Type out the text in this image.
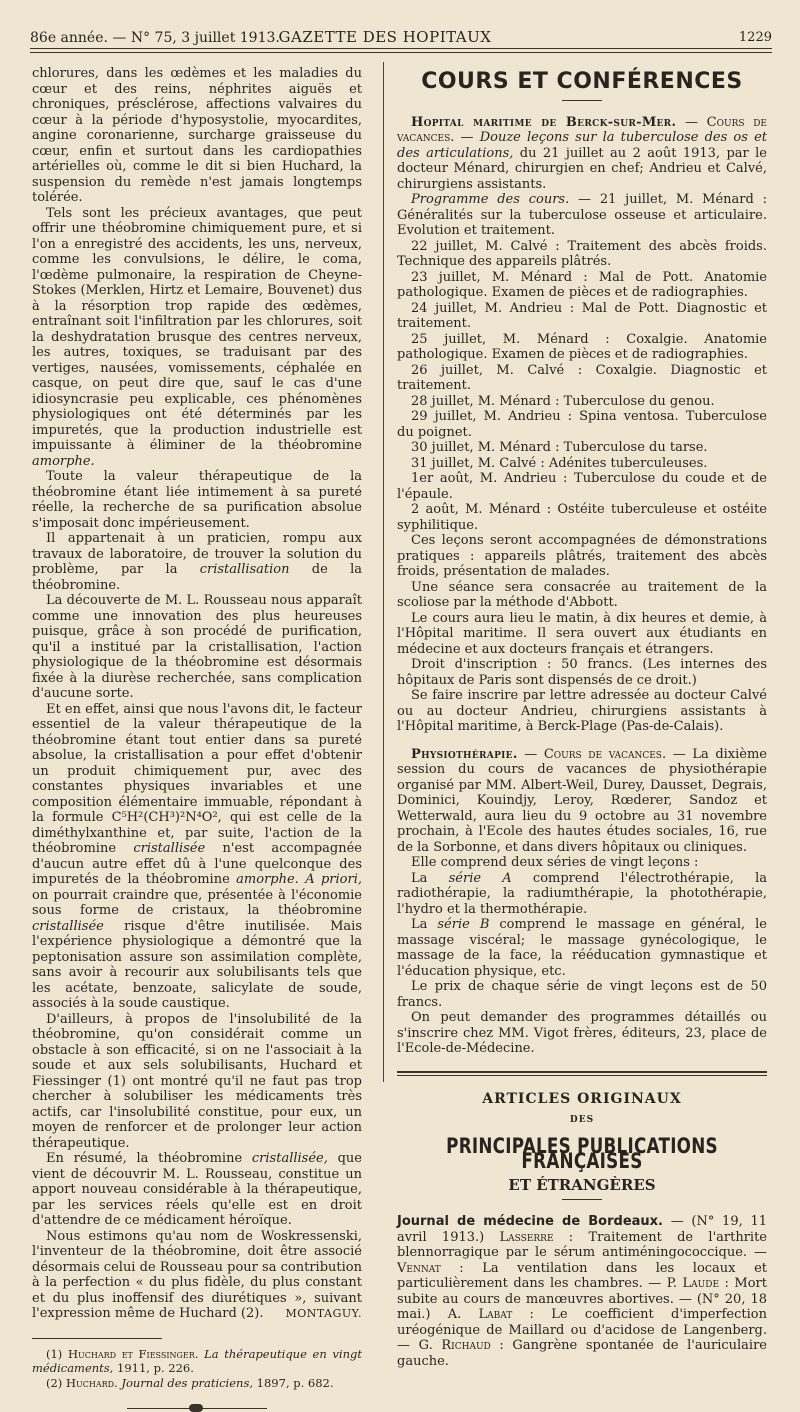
86e année. — N° 75, 3 juillet 1913.
GAZETTE DES HOPITAUX	1229

chlorures, dans les œdèmes et les maladies du cœur et des reins, néphrites aiguës et chroniques, présclérose, affections valvaires du cœur à la période d'hyposystolie, myocardites, angine coronarienne, surcharge graisseuse du cœur, enfin et surtout dans les cardiopathies artérielles où, comme le dit si bien Huchard, la suspension du remède n'est jamais longtemps tolérée.

Tels sont les précieux avantages, que peut offrir une théobromine chimiquement pure, et si l'on a enregistré des accidents, les uns, nerveux, comme les convulsions, le délire, le coma, l'œdème pulmonaire, la respiration de Cheyne-Stokes (Merklen, Hirtz et Lemaire, Bouvenet) dus à la résorption trop rapide des œdèmes, entraînant soit l'infiltration par les chlorures, soit la deshydratation brusque des centres nerveux, les autres, toxiques, se traduisant par des vertiges, nausées, vomissements, céphalée en casque, on peut dire que, sauf le cas d'une idiosyncrasie peu explicable, ces phénomènes physiologiques ont été déterminés par les impuretés, que la production industrielle est impuissante à éliminer de la théobromine amorphe.

Toute la valeur thérapeutique de la théobromine étant liée intimement à sa pureté réelle, la recherche de sa purification absolue s'imposait donc impérieusement.

Il appartenait à un praticien, rompu aux travaux de laboratoire, de trouver la solution du problème, par la cristallisation de la théobromine.

La découverte de M. L. Rousseau nous apparaît comme une innovation des plus heureuses puisque, grâce à son procédé de purification, qu'il a institué par la cristallisation, l'action physiologique de la théobromine est désormais fixée à la diurèse recherchée, sans complication d'aucune sorte.

Et en effet, ainsi que nous l'avons dit, le facteur essentiel de la valeur thérapeutique de la théobromine étant tout entier dans sa pureté absolue, la cristallisation a pour effet d'obtenir un produit chimiquement pur, avec des constantes physiques invariables et une composition élémentaire immuable, répondant à la formule C⁵H²(CH³)²N⁴O², qui est celle de la diméthylxanthine et, par suite, l'action de la théobromine cristallisée n'est accompagnée d'aucun autre effet dû à l'une quelconque des impuretés de la théobromine amorphe. A priori, on pourrait craindre que, présentée à l'économie sous forme de cristaux, la théobromine cristallisée risque d'être inutilisée. Mais l'expérience physiologique a démontré que la peptonisation assure son assimilation complète, sans avoir à recourir aux solubilisants tels que les acétate, benzoate, salicylate de soude, associés à la soude caustique.

D'ailleurs, à propos de l'insolubilité de la théobromine, qu'on considérait comme un obstacle à son efficacité, si on ne l'associait à la soude et aux sels solubilisants, Huchard et Fiessinger (1) ont montré qu'il ne faut pas trop chercher à solubiliser les médicaments très actifs, car l'insolubilité constitue, pour eux, un moyen de renforcer et de prolonger leur action thérapeutique.

En résumé, la théobromine cristallisée, que vient de découvrir M. L. Rousseau, constitue un apport nouveau considérable à la thérapeutique, par les services réels qu'elle est en droit d'attendre de ce médicament héroïque.

Nous estimons qu'au nom de Woskressenski, l'inventeur de la théobromine, doit être associé désormais celui de Rousseau pour sa contribution à la perfection « du plus fidèle, du plus constant et du plus inoffensif des diurétiques », suivant l'expression même de Huchard (2).	MONTAGUY.

(1) Huchard et Fiessinger. La thérapeutique en vingt médicaments, 1911, p. 226.

(2) Huchard. Journal des praticiens, 1897, p. 682.

COURS ET CONFÉRENCES

Hopital maritime de Berck-sur-Mer. — Cours de vacances. — Douze leçons sur la tuberculose des os et des articulations, du 21 juillet au 2 août 1913, par le docteur Ménard, chirurgien en chef; Andrieu et Calvé, chirurgiens assistants.

Programme des cours. — 21 juillet, M. Ménard : Généralités sur la tuberculose osseuse et articulaire. Evolution et traitement.

22 juillet, M. Calvé : Traitement des abcès froids. Technique des appareils plâtrés.

23 juillet, M. Ménard : Mal de Pott. Anatomie pathologique. Examen de pièces et de radiographies.

24 juillet, M. Andrieu : Mal de Pott. Diagnostic et traitement.

25 juillet, M. Ménard : Coxalgie. Anatomie pathologique. Examen de pièces et de radiographies.

26 juillet, M. Calvé : Coxalgie. Diagnostic et traitement.

28 juillet, M. Ménard : Tuberculose du genou.

29 juillet, M. Andrieu : Spina ventosa. Tuberculose du poignet.

30 juillet, M. Ménard : Tuberculose du tarse.

31 juillet, M. Calvé : Adénites tuberculeuses.

1er août, M. Andrieu : Tuberculose du coude et de l'épaule.

2 août, M. Ménard : Ostéite tuberculeuse et ostéite syphilitique.

Ces leçons seront accompagnées de démonstrations pratiques : appareils plâtrés, traitement des abcès froids, présentation de malades.

Une séance sera consacrée au traitement de la scoliose par la méthode d'Abbott.

Le cours aura lieu le matin, à dix heures et demie, à l'Hôpital maritime. Il sera ouvert aux étudiants en médecine et aux docteurs français et étrangers.

Droit d'inscription : 50 francs. (Les internes des hôpitaux de Paris sont dispensés de ce droit.)

Se faire inscrire par lettre adressée au docteur Calvé ou au docteur Andrieu, chirurgiens assistants à l'Hôpital maritime, à Berck-Plage (Pas-de-Calais).

Physiothérapie. — Cours de vacances. — La dixième session du cours de vacances de physiothérapie organisé par MM. Albert-Weil, Durey, Dausset, Degrais, Dominici, Kouindjy, Leroy, Rœderer, Sandoz et Wetterwald, aura lieu du 9 octobre au 31 novembre prochain, à l'Ecole des hautes études sociales, 16, rue de la Sorbonne, et dans divers hôpitaux ou cliniques.

Elle comprend deux séries de vingt leçons :

La série A comprend l'électrothérapie, la radiothérapie, la radiumthérapie, la photothérapie, l'hydro et la thermothérapie.

La série B comprend le massage en général, le massage viscéral; le massage gynécologique, le massage de la face, la rééducation gymnastique et l'éducation physique, etc.

Le prix de chaque série de vingt leçons est de 50 francs.

On peut demander des programmes détaillés ou s'inscrire chez MM. Vigot frères, éditeurs, 23, place de l'Ecole-de-Médecine.

ARTICLES ORIGINAUX
DES
PRINCIPALES PUBLICATIONS FRANÇAISES
ET ÉTRANGÈRES

Journal de médecine de Bordeaux. — (N° 19, 11 avril 1913.) Lasserre : Traitement de l'arthrite blennorragique par le sérum antiméningococcique. — Vennat : La ventilation dans les locaux et particulièrement dans les chambres. — P. Laude : Mort subite au cours de manœuvres abortives. — (N° 20, 18 mai.) A. Labat : Le coefficient d'imperfection uréogénique de Maillard ou d'acidose de Langenberg. — G. Richaud : Gangrène spontanée de l'auriculaire gauche.
